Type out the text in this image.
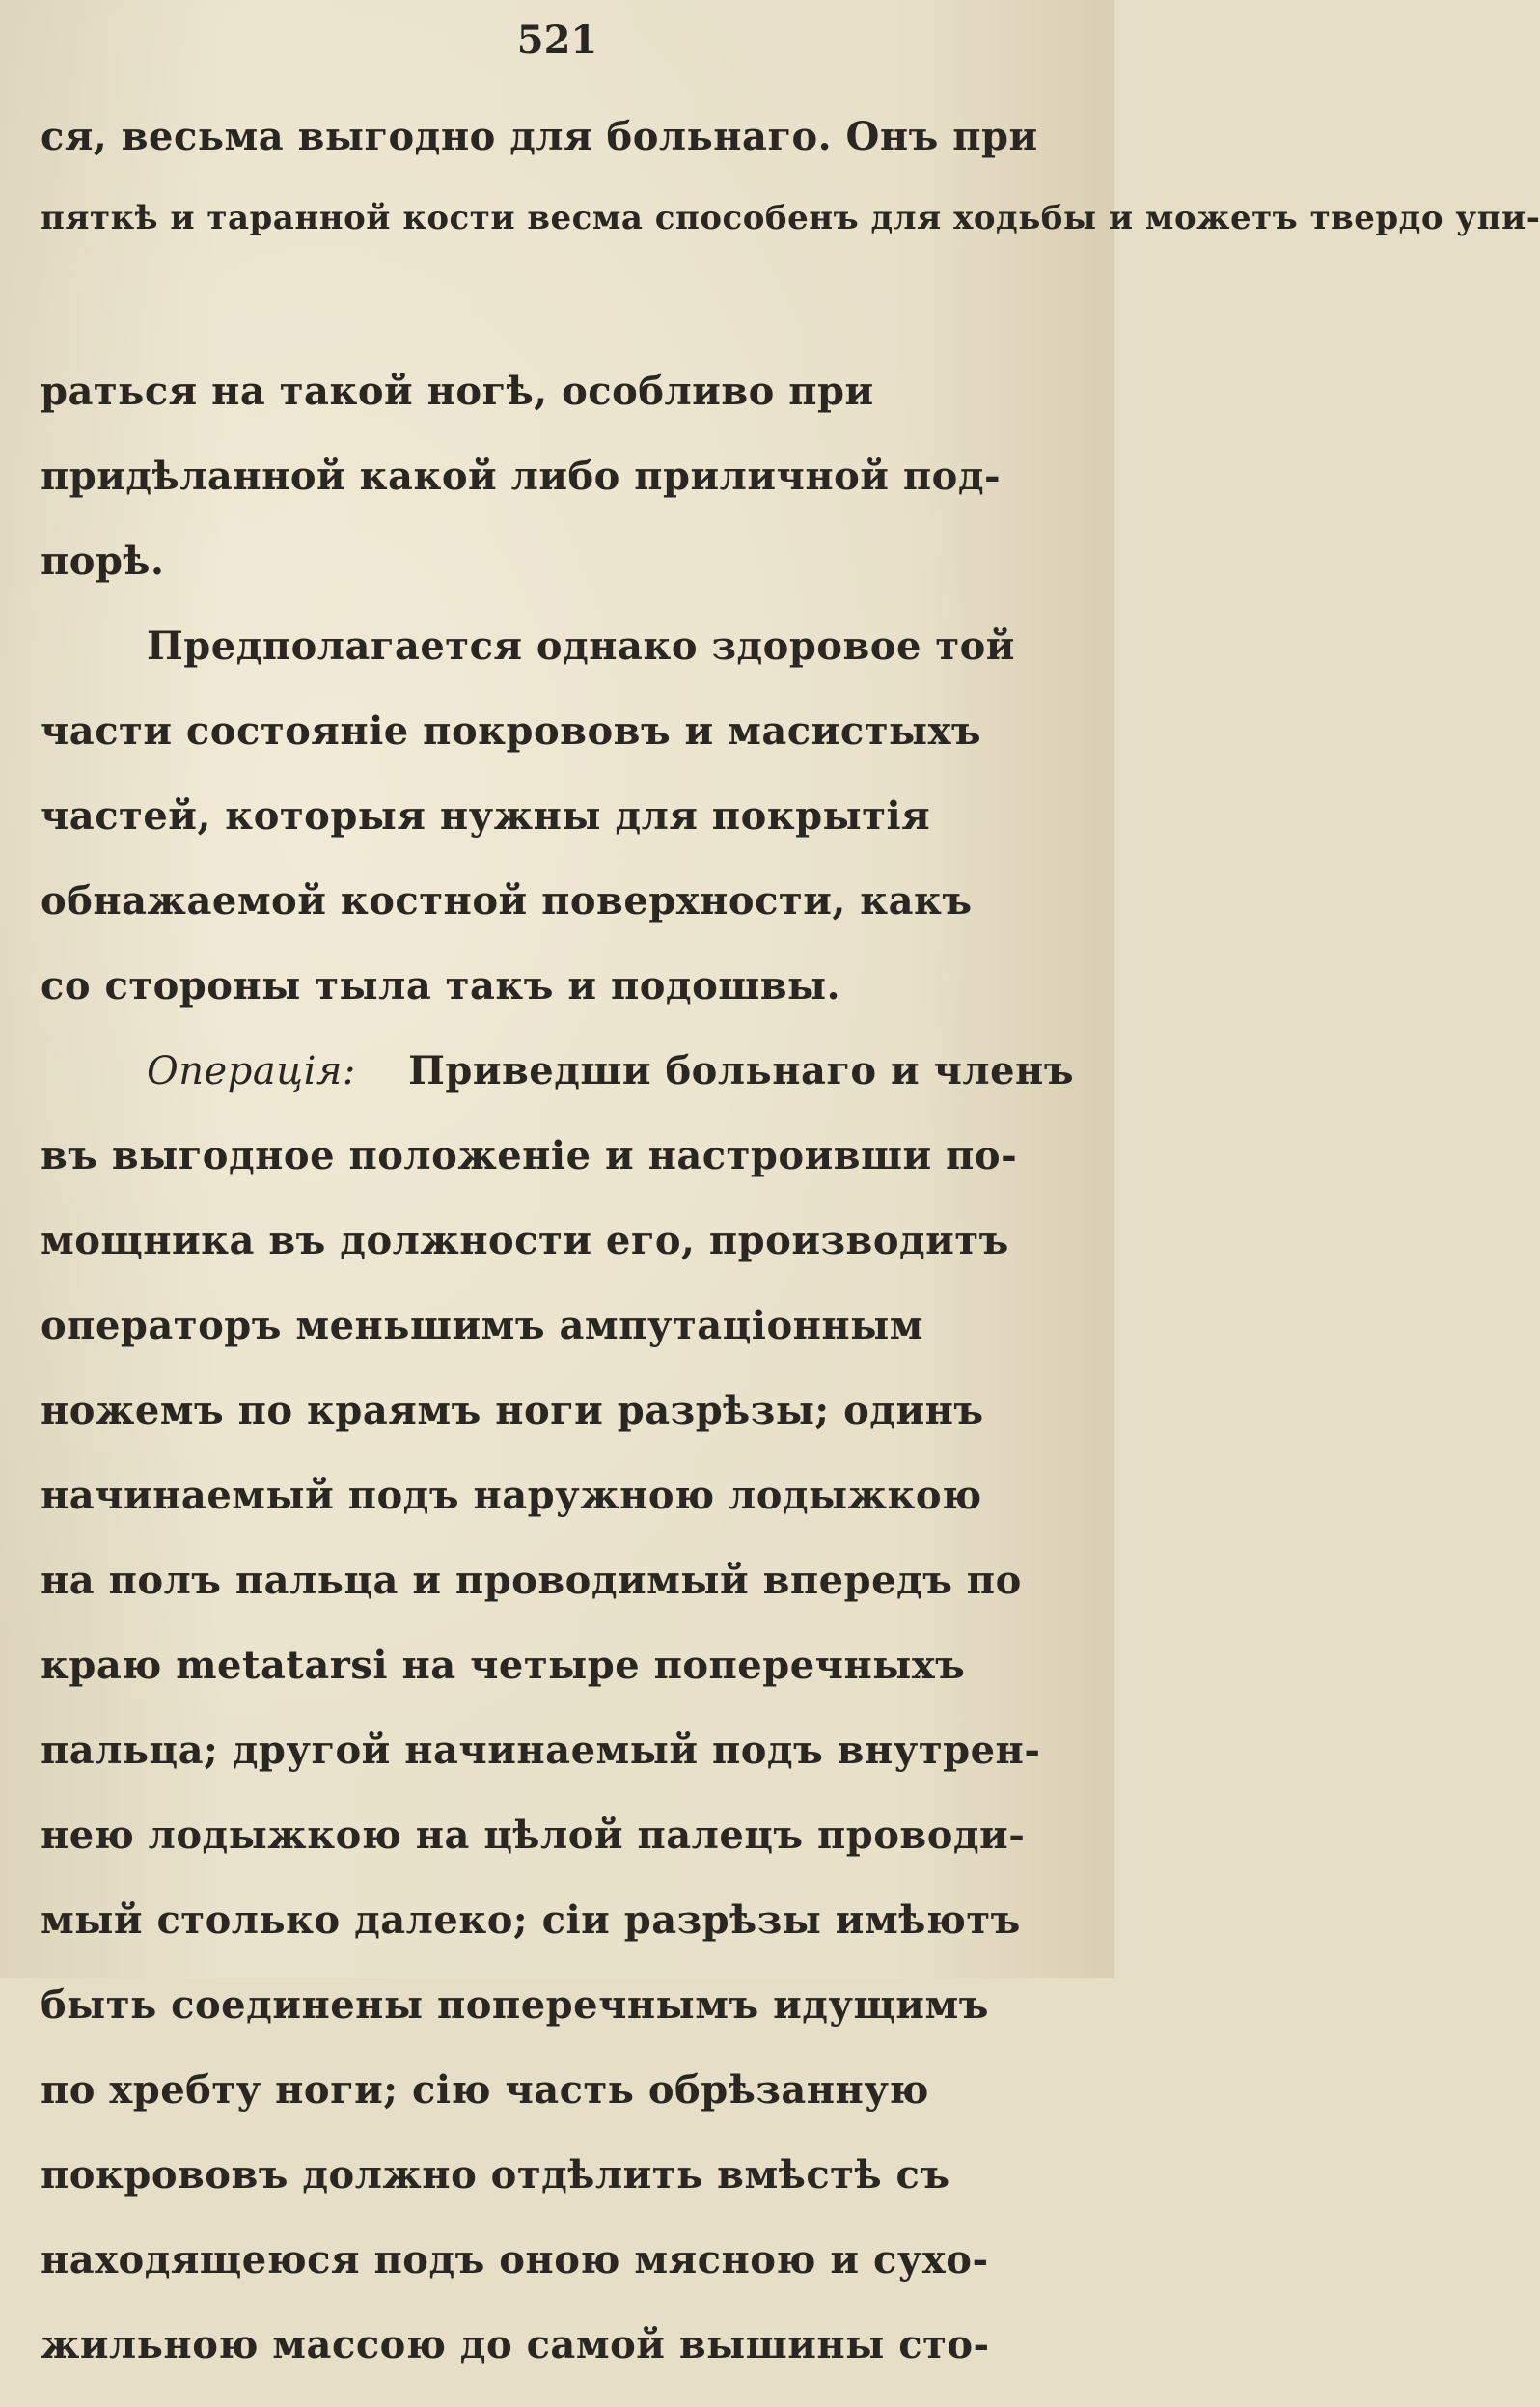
521
ся, весьма выгодно для больнаго. Онъ при
пяткѣ и таранной кости весма способенъ для ходьбы и можетъ твердо упи-
раться на такой ногѣ, особливо при
придѣланной какой либо приличной под-
порѣ.
Предполагается однако здоровое той
части состояніе покрововъ и масистыхъ
частей, которыя нужны для покрытія
обнажаемой костной поверхности, какъ
со стороны тыла такъ и подошвы.
Операція: Приведши больнаго и членъ
въ выгодное положеніе и настроивши по-
мощника въ должности его, производитъ
операторъ меньшимъ ампутаціонным
ножемъ по краямъ ноги разрѣзы; одинъ
начинаемый подъ наружною лодыжкою
на полъ пальца и проводимый впередъ по
краю metatarsi на четыре поперечныхъ
пальца; другой начинаемый подъ внутрен-
нею лодыжкою на цѣлой палецъ проводи-
мый столько далеко; сіи разрѣзы имѣютъ
быть соединены поперечнымъ идущимъ
по хребту ноги; сію часть обрѣзанную
покрововъ должно отдѣлить вмѣстѣ съ
находящеюся подъ оною мясною и сухо-
жильною массою до самой вышины сто-
